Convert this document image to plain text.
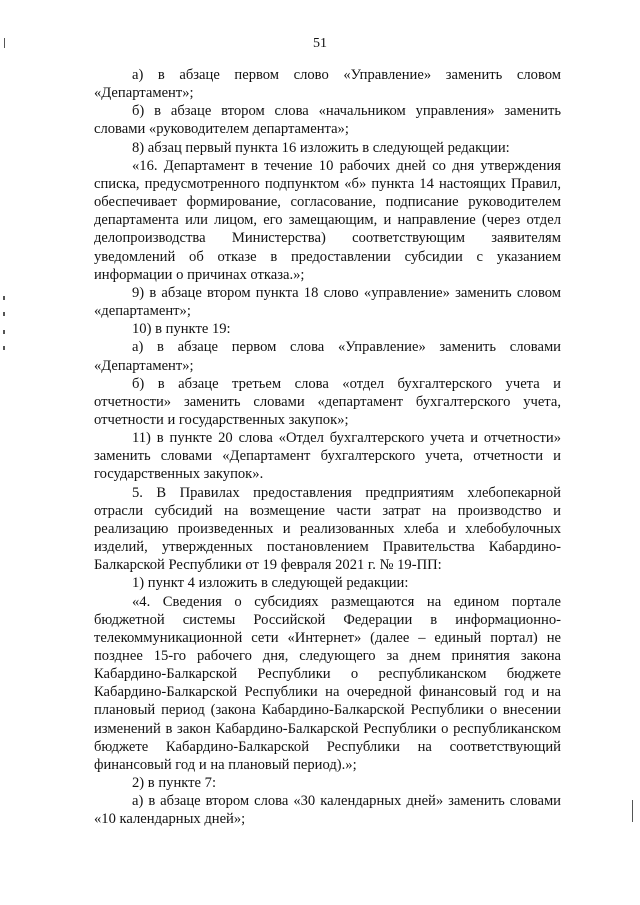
51

а) в абзаце первом слово «Управление» заменить словом «Департамент»;

б) в абзаце втором слова «начальником управления» заменить словами «руководителем департамента»;

8) абзац первый пункта 16 изложить в следующей редакции:

«16. Департамент в течение 10 рабочих дней со дня утверждения списка, предусмотренного подпунктом «б» пункта 14 настоящих Правил, обеспечивает формирование, согласование, подписание руководителем департамента или лицом, его замещающим, и направление (через отдел делопроизводства Министерства) соответствующим заявителям уведомлений об отказе в предоставлении субсидии с указанием информации о причинах отказа.»;

9) в абзаце втором пункта 18 слово «управление» заменить словом «департамент»;

10) в пункте 19:

а) в абзаце первом слова «Управление» заменить словами «Департамент»;

б) в абзаце третьем слова «отдел бухгалтерского учета и отчетности» заменить словами «департамент бухгалтерского учета, отчетности и государственных закупок»;

11) в пункте 20 слова «Отдел бухгалтерского учета и отчетности» заменить словами «Департамент бухгалтерского учета, отчетности и государственных закупок».

5. В Правилах предоставления предприятиям хлебопекарной отрасли субсидий на возмещение части затрат на производство и реализацию произведенных и реализованных хлеба и хлебобулочных изделий, утвержденных постановлением Правительства Кабардино-Балкарской Республики от 19 февраля 2021 г. № 19-ПП:

1) пункт 4 изложить в следующей редакции:

«4. Сведения о субсидиях размещаются на едином портале бюджетной системы Российской Федерации в информационно-телекоммуникационной сети «Интернет» (далее – единый портал) не позднее 15-го рабочего дня, следующего за днем принятия закона Кабардино-Балкарской Республики о республиканском бюджете Кабардино-Балкарской Республики на очередной финансовый год и на плановый период (закона Кабардино-Балкарской Республики о внесении изменений в закон Кабардино-Балкарской Республики о республиканском бюджете Кабардино-Балкарской Республики на соответствующий финансовый год и на плановый период).»;

2) в пункте 7:

а) в абзаце втором слова «30 календарных дней» заменить словами «10 календарных дней»;
